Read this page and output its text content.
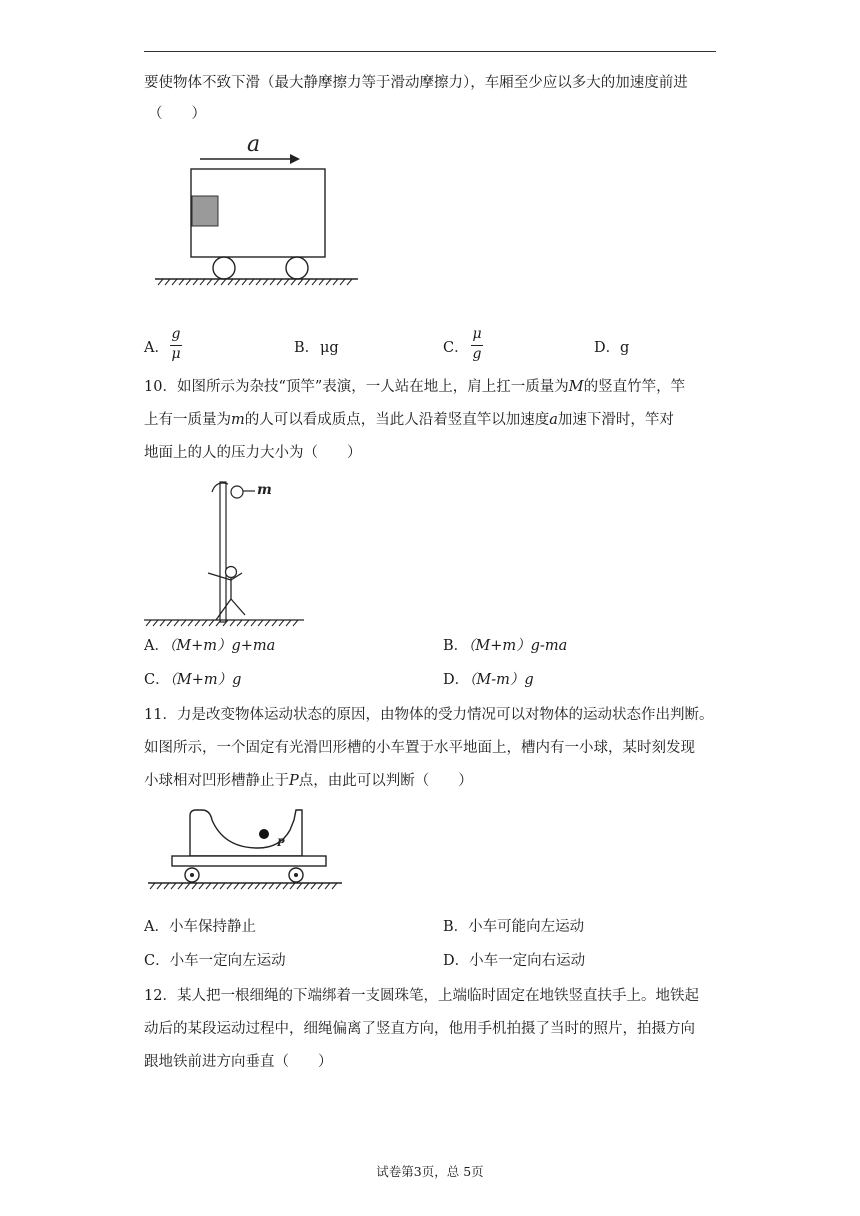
要使物体不致下滑（最大静摩擦力等于滑动摩擦力），车厢至少应以多大的加速度前进
（　　）
a
A．
g
μ	B． μg	C．
μ
g	D． g
10．如图所示为杂技“顶竿”表演，一人站在地上，肩上扛一质量为M的竖直竹竿，竿
上有一质量为m的人可以看成质点，当此人沿着竖直竿以加速度a加速下滑时，竿对
地面上的人的压力大小为（　　）
m
A．（M+m）g+ma	B．（M+m）g-ma
C．（M+m）g	D．（M-m）g
11．力是改变物体运动状态的原因，由物体的受力情况可以对物体的运动状态作出判断。
如图所示，一个固定有光滑凹形槽的小车置于水平地面上，槽内有一小球，某时刻发现
小球相对凹形槽静止于P点，由此可以判断（　　）
P
A．小车保持静止	B．小车可能向左运动
C．小车一定向左运动	D．小车一定向右运动
12．某人把一根细绳的下端绑着一支圆珠笔，上端临时固定在地铁竖直扶手上。地铁起
动后的某段运动过程中，细绳偏离了竖直方向，他用手机拍摄了当时的照片，拍摄方向
跟地铁前进方向垂直（　　）
试卷第3页，总 5页
